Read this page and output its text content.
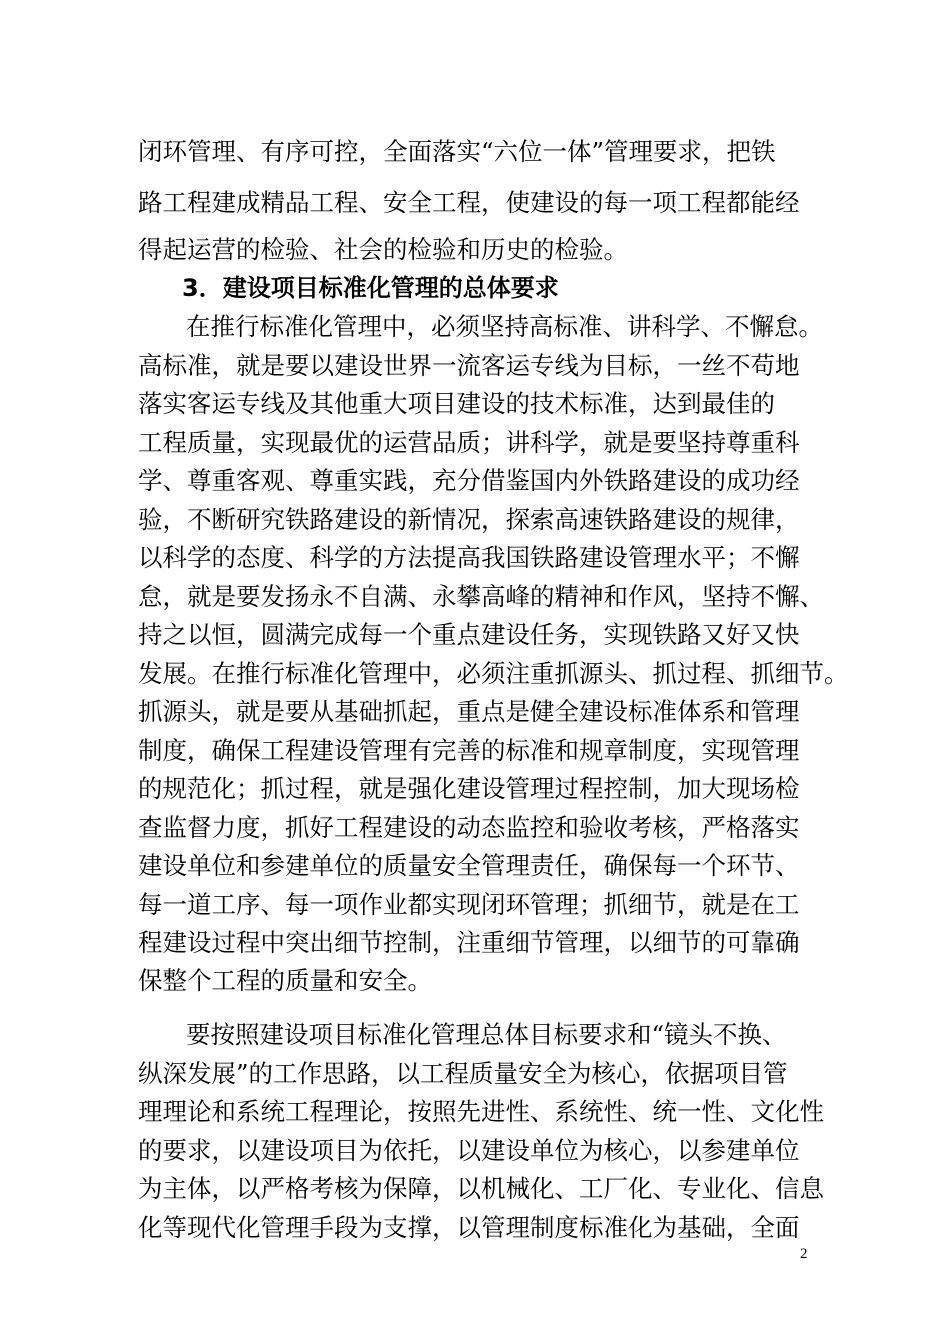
闭环管理、有序可控，全面落实“六位一体”管理要求，把铁
路工程建成精品工程、安全工程，使建设的每一项工程都能经
得起运营的检验、社会的检验和历史的检验。
3．建设项目标准化管理的总体要求
在推行标准化管理中，必须坚持高标准、讲科学、不懈怠。
高标准，就是要以建设世界一流客运专线为目标，一丝不苟地
落实客运专线及其他重大项目建设的技术标准，达到最佳的
工程质量，实现最优的运营品质；讲科学，就是要坚持尊重科
学、尊重客观、尊重实践，充分借鉴国内外铁路建设的成功经
验，不断研究铁路建设的新情况，探索高速铁路建设的规律，
以科学的态度、科学的方法提高我国铁路建设管理水平；不懈
怠，就是要发扬永不自满、永攀高峰的精神和作风，坚持不懈、
持之以恒，圆满完成每一个重点建设任务，实现铁路又好又快
发展。在推行标准化管理中，必须注重抓源头、抓过程、抓细节。
抓源头，就是要从基础抓起，重点是健全建设标准体系和管理
制度，确保工程建设管理有完善的标准和规章制度，实现管理
的规范化；抓过程，就是强化建设管理过程控制，加大现场检
查监督力度，抓好工程建设的动态监控和验收考核，严格落实
建设单位和参建单位的质量安全管理责任，确保每一个环节、
每一道工序、每一项作业都实现闭环管理；抓细节，就是在工
程建设过程中突出细节控制，注重细节管理，以细节的可靠确
保整个工程的质量和安全。
要按照建设项目标准化管理总体目标要求和“镜头不换、
纵深发展”的工作思路，以工程质量安全为核心，依据项目管
理理论和系统工程理论，按照先进性、系统性、统一性、文化性
的要求，以建设项目为依托，以建设单位为核心，以参建单位
为主体，以严格考核为保障，以机械化、工厂化、专业化、信息
化等现代化管理手段为支撑，以管理制度标准化为基础，全面
2
